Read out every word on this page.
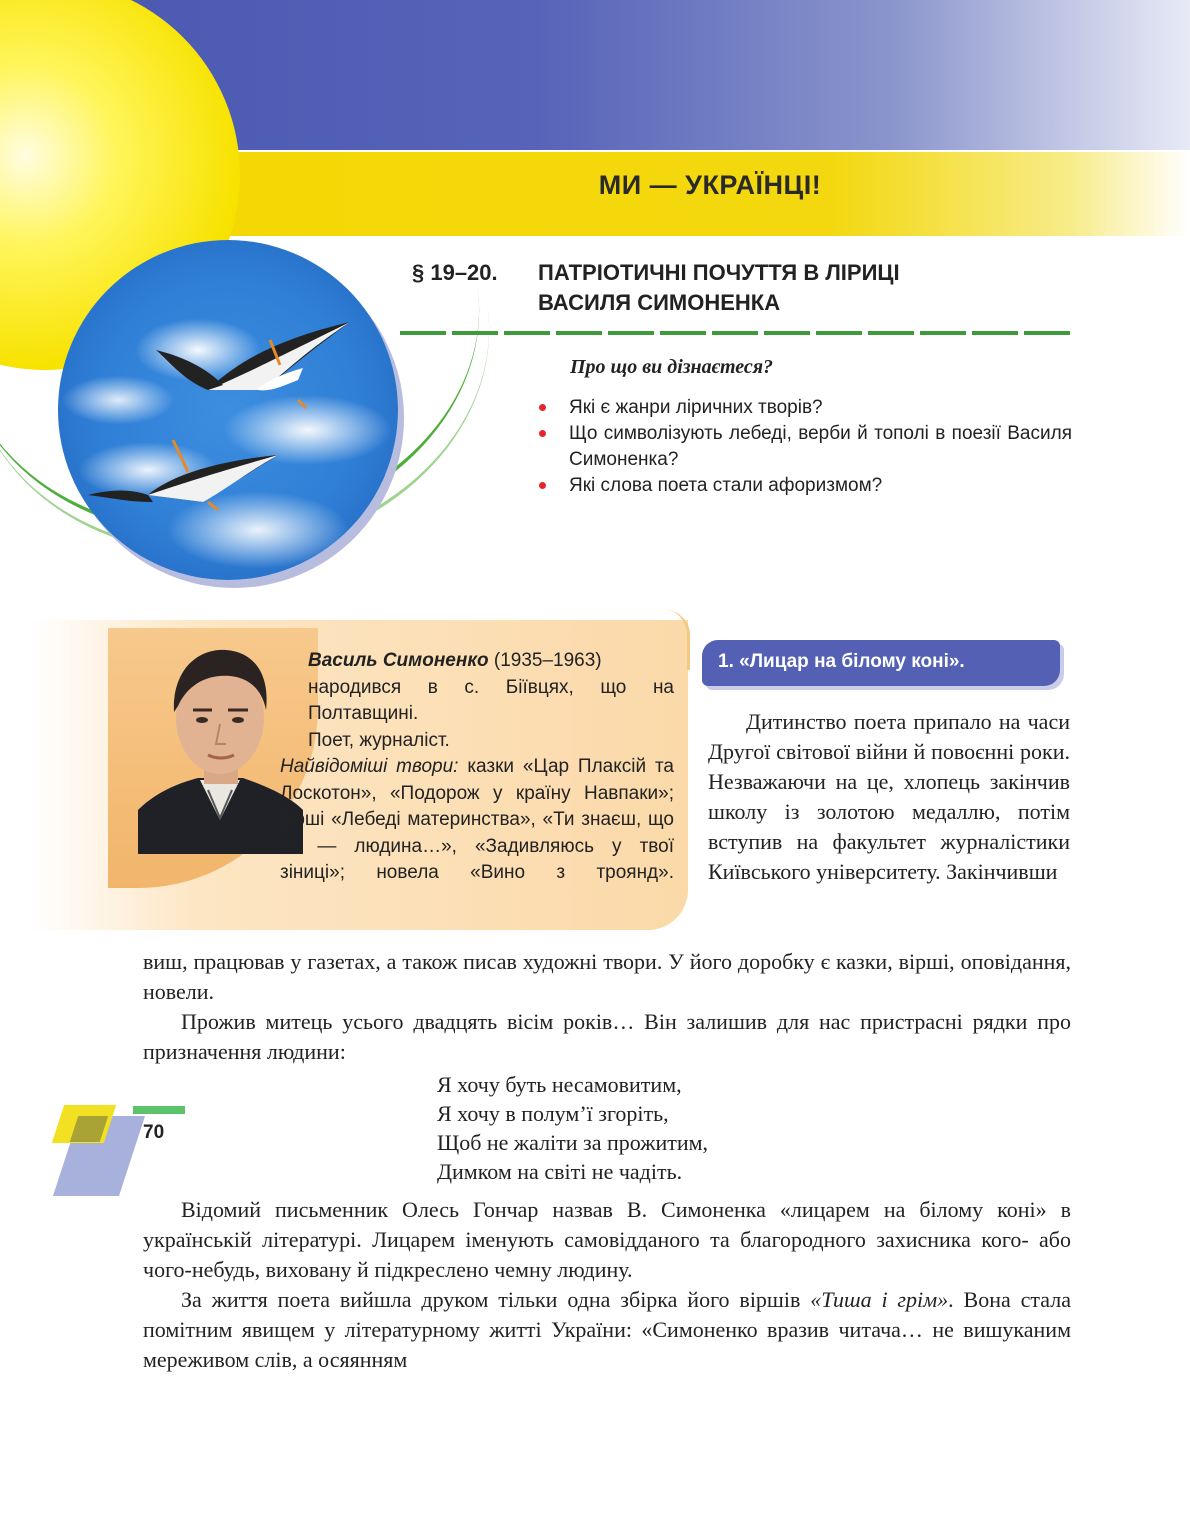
МИ — УКРАЇНЦІ!
§ 19–20. ПАТРІОТИЧНІ ПОЧУТТЯ В ЛІРИЦІ
ВАСИЛЯ СИМОНЕНКА
Про що ви дізнаєтеся?
Які є жанри ліричних творів?
Що символізують лебеді, верби й тополі в поезії Василя Симоненка?
Які слова поета стали афоризмом?

Василь Симоненко (1935–1963)

народився в с. Біївцях, що на Полтавщині.

Поет, журналіст.

Найвідоміші твори: казки «Цар Плаксій та Лоскотон», «Подорож у країну Навпаки»; вірші «Лебеді материнства», «Ти знаєш, що ти — людина…», «Задивляюсь у твої зіниці»; новела «Вино з троянд».

1. «Лицар на білому коні».

Дитинство поета припало на часи Другої світової війни й повоєнні роки. Незважаючи на це, хлопець закінчив школу із золотою медаллю, потім вступив на факультет журналістики Київського університету. Закінчивши

виш, працював у газетах, а також писав художні твори. У його доробку є казки, вірші, оповідання, новели.

Прожив митець усього двадцять вісім років… Він залишив для нас пристрасні рядки про призначення людини:

Я хочу буть несамовитим,
Я хочу в полум’ї згоріть,
Щоб не жаліти за прожитим,
Димком на світі не чадіть.

Відомий письменник Олесь Гончар назвав В. Симоненка «лицарем на білому коні» в українській літературі. Лицарем іменують самовідданого та благородного захисника кого- або чого-небудь, виховану й підкреслено чемну людину.

За життя поета вийшла друком тільки одна збірка його віршів «Тиша і грім». Вона стала помітним явищем у літературному житті України: «Симоненко вразив читача… не вишуканим мереживом слів, а осяянням

70
